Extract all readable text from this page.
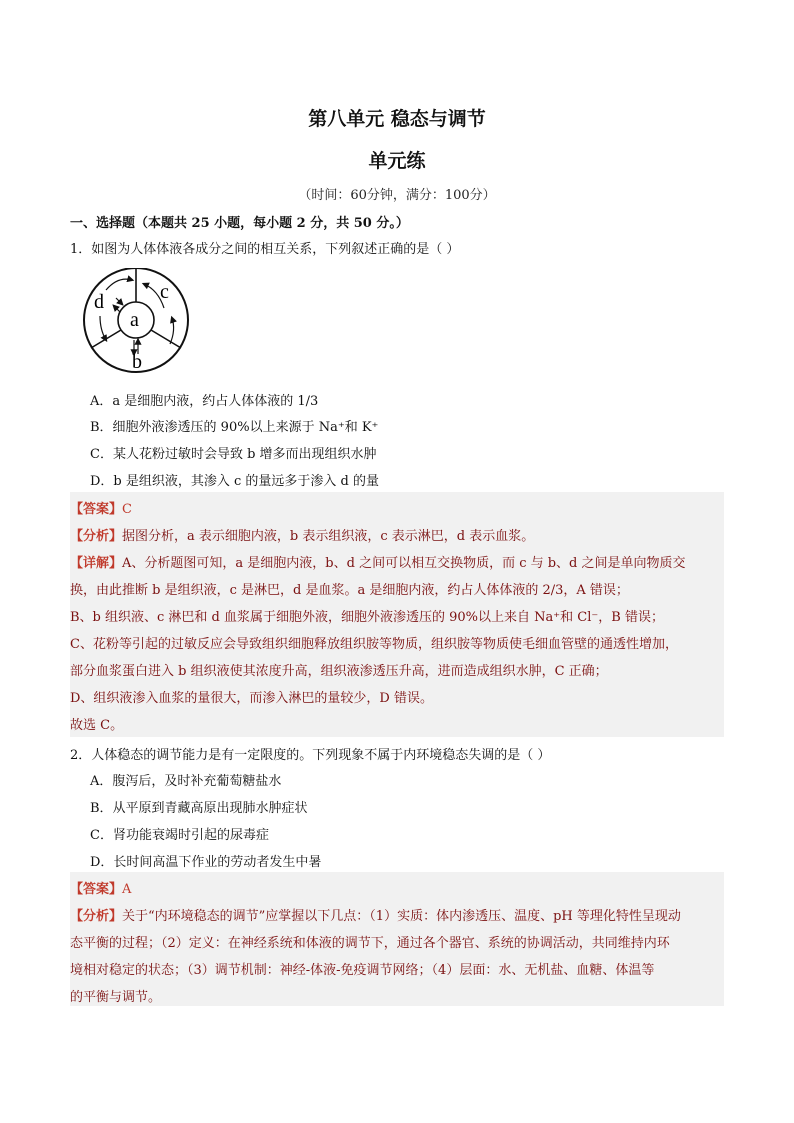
第八单元 稳态与调节
单元练
（时间：60分钟，满分：100分）
一、选择题（本题共 25 小题，每小题 2 分，共 50 分。）
1．如图为人体体液各成分之间的相互关系，下列叙述正确的是（ ）
a
b
c
d
A．a 是细胞内液，约占人体体液的 1/3
B．细胞外液渗透压的 90%以上来源于 Na⁺和 K⁺
C．某人花粉过敏时会导致 b 增多而出现组织水肿
D．b 是组织液，其渗入 c 的量远多于渗入 d 的量
【答案】C
【分析】据图分析，a 表示细胞内液，b 表示组织液，c 表示淋巴，d 表示血浆。
【详解】A、分析题图可知，a 是细胞内液，b、d 之间可以相互交换物质，而 c 与 b、d 之间是单向物质交
换，由此推断 b 是组织液，c 是淋巴，d 是血浆。a 是细胞内液，约占人体体液的 2/3，A 错误；
B、b 组织液、c 淋巴和 d 血浆属于细胞外液，细胞外液渗透压的 90%以上来自 Na⁺和 Cl⁻，B 错误；
C、花粉等引起的过敏反应会导致组织细胞释放组织胺等物质，组织胺等物质使毛细血管壁的通透性增加，
部分血浆蛋白进入 b 组织液使其浓度升高，组织液渗透压升高，进而造成组织水肿，C 正确；
D、组织液渗入血浆的量很大，而渗入淋巴的量较少，D 错误。
故选 C。
2．人体稳态的调节能力是有一定限度的。下列现象不属于内环境稳态失调的是（ ）
A．腹泻后，及时补充葡萄糖盐水
B．从平原到青藏高原出现肺水肿症状
C．肾功能衰竭时引起的尿毒症
D．长时间高温下作业的劳动者发生中暑
【答案】A
【分析】关于“内环境稳态的调节”应掌握以下几点：（1）实质：体内渗透压、温度、pH 等理化特性呈现动
态平衡的过程；（2）定义：在神经系统和体液的调节下，通过各个器官、系统的协调活动，共同维持内环
境相对稳定的状态；（3）调节机制：神经-体液-免疫调节网络；（4）层面：水、无机盐、血糖、体温等
的平衡与调节。
